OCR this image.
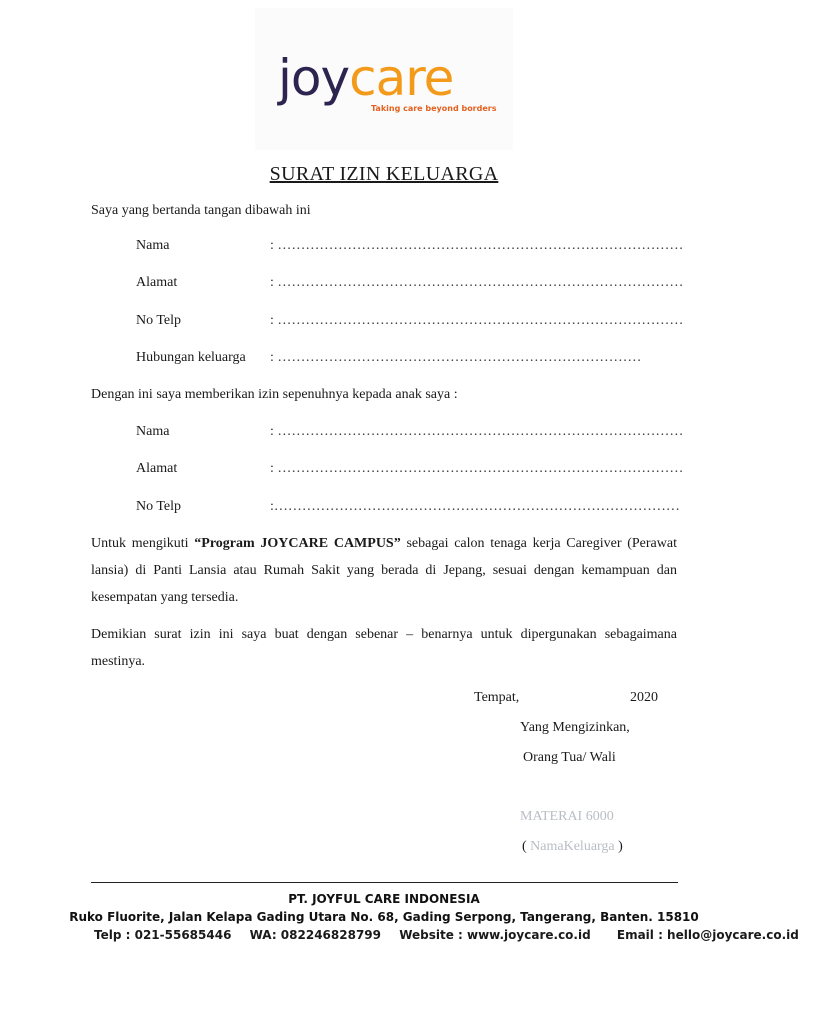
joycare
Taking care beyond borders
SURAT IZIN KELUARGA
Saya yang bertanda tangan dibawah ini
Nama	: ……………………………………………………………………………
Alamat	: ……………………………………………………………………………
No Telp	: ……………………………………………………………………………
Hubungan keluarga : ……………………………………………………………………
Dengan ini saya memberikan izin sepenuhnya kepada anak saya :
Nama	: ……………………………………………………………………………
Alamat	: ……………………………………………………………………………
No Telp	:……………………………………………………………………………
Untuk mengikuti “Program JOYCARE CAMPUS” sebagai calon tenaga kerja Caregiver (Perawat lansia) di Panti Lansia atau Rumah Sakit yang berada di Jepang, sesuai dengan kemampuan dan kesempatan yang tersedia.
Demikian surat izin ini saya buat dengan sebenar – benarnya untuk dipergunakan sebagaimana mestinya.
Tempat,	2020
Yang Mengizinkan,
Orang Tua/ Wali
MATERAI 6000
( NamaKeluarga )
PT. JOYFUL CARE INDONESIA
Ruko Fluorite, Jalan Kelapa Gading Utara No. 68, Gading Serpong, Tangerang, Banten. 15810
Telp : 021-55685446 WA: 082246828799 Website : www.joycare.co.id Email : hello@joycare.co.id
